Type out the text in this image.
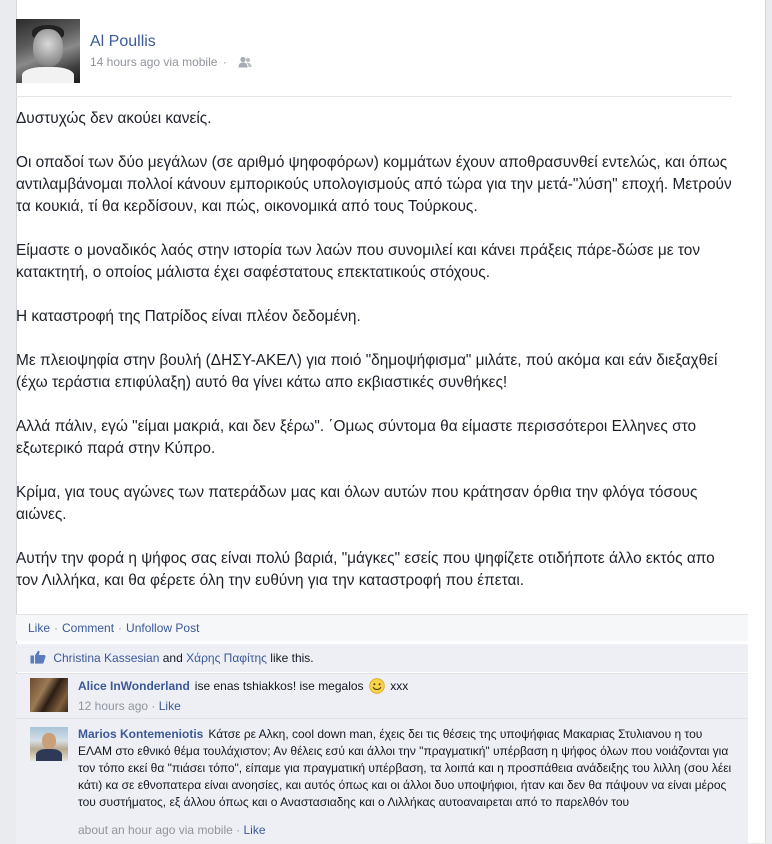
Al Poullis
14 hours ago via mobile ·

Δυστυχώς δεν ακούει κανείς.

Οι οπαδοί των δύο μεγάλων (σε αριθμό ψηφοφόρων) κομμάτων έχουν αποθρασυνθεί εντελώς, και όπως αντιλαμβάνομαι πολλοί κάνουν εμπορικούς υπολογισμούς από τώρα για την μετά-"λύση" εποχή. Μετρούν τα κουκιά, τί θα κερδίσουν, και πώς, οικονομικά από τους Τούρκους.

Είμαστε ο μοναδικός λαός στην ιστορία των λαών που συνομιλεί και κάνει πράξεις πάρε-δώσε με τον κατακτητή, ο οποίος μάλιστα έχει σαφέστατους επεκτατικούς στόχους.

Η καταστροφή της Πατρίδος είναι πλέον δεδομένη.

Με πλειοψηφία στην βουλή (ΔΗΣΥ-ΑΚΕΛ) για ποιό "δημοψήφισμα" μιλάτε, πού ακόμα και εάν διεξαχθεί (έχω τεράστια επιφύλαξη) αυτό θα γίνει κάτω απο εκβιαστικές συνθήκες!

Αλλά πάλιν, εγώ "είμαι μακριά, και δεν ξέρω". ΄Ομως σύντομα θα είμαστε περισσότεροι Ελληνες στο εξωτερικό παρά στην Κύπρο.

Κρίμα, για τους αγώνες των πατεράδων μας και όλων αυτών που κράτησαν όρθια την φλόγα τόσους αιώνες.

Αυτήν την φορά η ψήφος σας είναι πολύ βαριά, "μάγκες" εσείς που ψηφίζετε οτιδήποτε άλλο εκτός απο τον Λιλλήκα, και θα φέρετε όλη την ευθύνη για την καταστροφή που έπεται.

Like · Comment · Unfollow Post
Christina Kassesian and Χάρης Παφίτης like this.
Alice InWonderland ise enas tshiakkos! ise megalos xxx
12 hours ago · Like
Marios Kontemeniotis Κάτσε ρε Αλκη, cool down man, έχεις δει τις θέσεις της υποψήφιας Μακαριας Στυλιανου η του ΕΛΑΜ στο εθνικό θέμα τουλάχιστον; Αν θέλεις εσύ και άλλοι την "πραγματική" υπέρβαση η ψήφος όλων που νοιάζονται για τον τόπο εκεί θα "πιάσει τόπο", είπαμε για πραγματική υπέρβαση, τα λοιπά και η προσπάθεια ανάδειξης του λιλλη (σου λέει κάτι) κα σε εθνοπατερα είναι ανοησίες, και αυτός όπως και οι άλλοι δυο υποψήφιοι, ήταν και δεν θα πάψουν να είναι μέρος του συστήματος, εξ άλλου όπως και ο Αναστασιαδης και ο Λιλλήκας αυτοαναιρεται από το παρελθόν του
about an hour ago via mobile · Like
